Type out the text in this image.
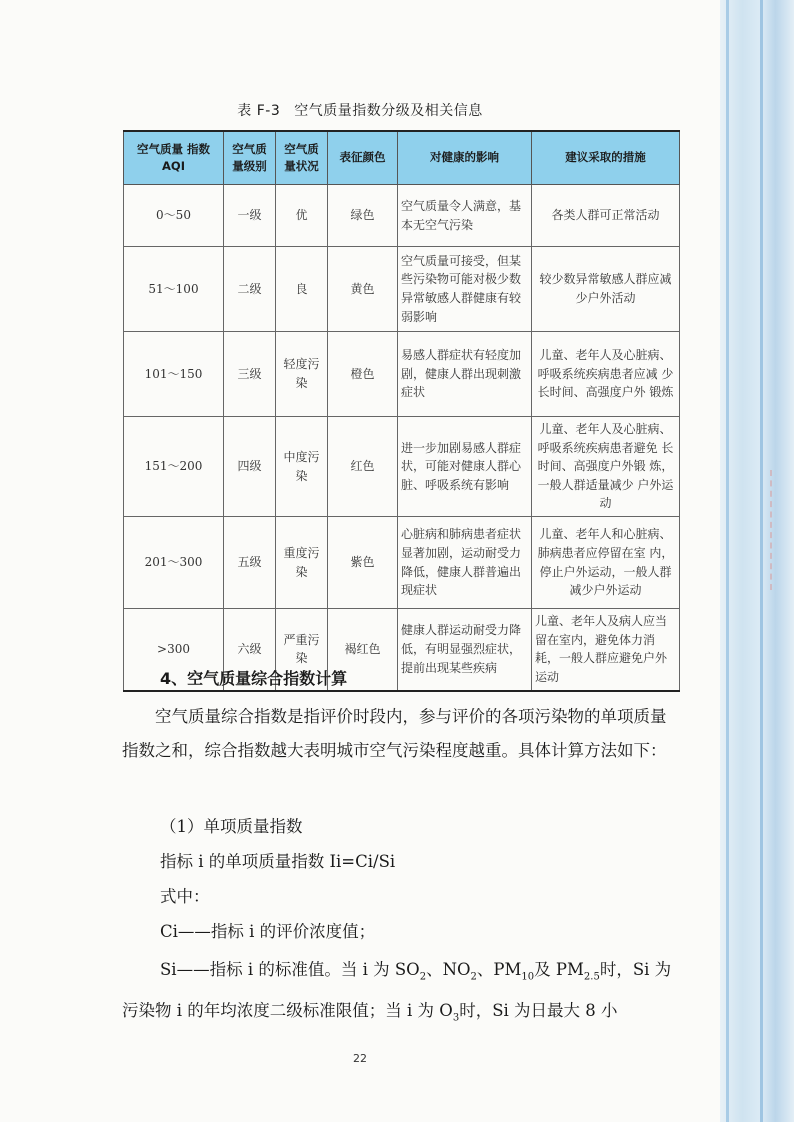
表 F-3 空气质量指数分级及相关信息
空气质量 指数 AQI	空气质量级别	空气质量状况	表征颜色	对健康的影响	建议采取的措施
0～50	一级	优	绿色	空气质量令人满意，基本无空气污染	各类人群可正常活动
51～100	二级	良	黄色	空气质量可接受，但某些污染物可能对极少数异常敏感人群健康有较弱影响	较少数异常敏感人群应减少户外活动
101～150	三级	轻度污染	橙色	易感人群症状有轻度加剧，健康人群出现刺激症状	儿童、老年人及心脏病、呼吸系统疾病患者应减 少长时间、高强度户外 锻炼
151～200	四级	中度污染	红色	进一步加剧易感人群症状，可能对健康人群心脏、呼吸系统有影响	儿童、老年人及心脏病、呼吸系统疾病患者避免 长时间、高强度户外锻 炼，一般人群适量减少 户外运动
201～300	五级	重度污染	紫色	心脏病和肺病患者症状显著加剧，运动耐受力降低，健康人群普遍出现症状	儿童、老年人和心脏病、肺病患者应停留在室 内，停止户外运动，一般人群减少户外运动
>300	六级	严重污染	褐红色	健康人群运动耐受力降低，有明显强烈症状，提前出现某些疾病	儿童、老年人及病人应当留在室内，避免体力消耗，一般人群应避免户外运动
4、空气质量综合指数计算

空气质量综合指数是指评价时段内，参与评价的各项污染物的单项质量指数之和，综合指数越大表明城市空气污染程度越重。具体计算方法如下：

（1）单项质量指数

指标 i 的单项质量指数 Ii=Ci/Si

式中：

Ci——指标 i 的评价浓度值；

Si——指标 i 的标准值。当 i 为 $SO_2$、$NO_2$、$PM_{10}$及 $PM_{2.5}$时，Si 为污染物 i 的年均浓度二级标准限值；当 i 为 $O_3$时，Si 为日最大 8 小

22
